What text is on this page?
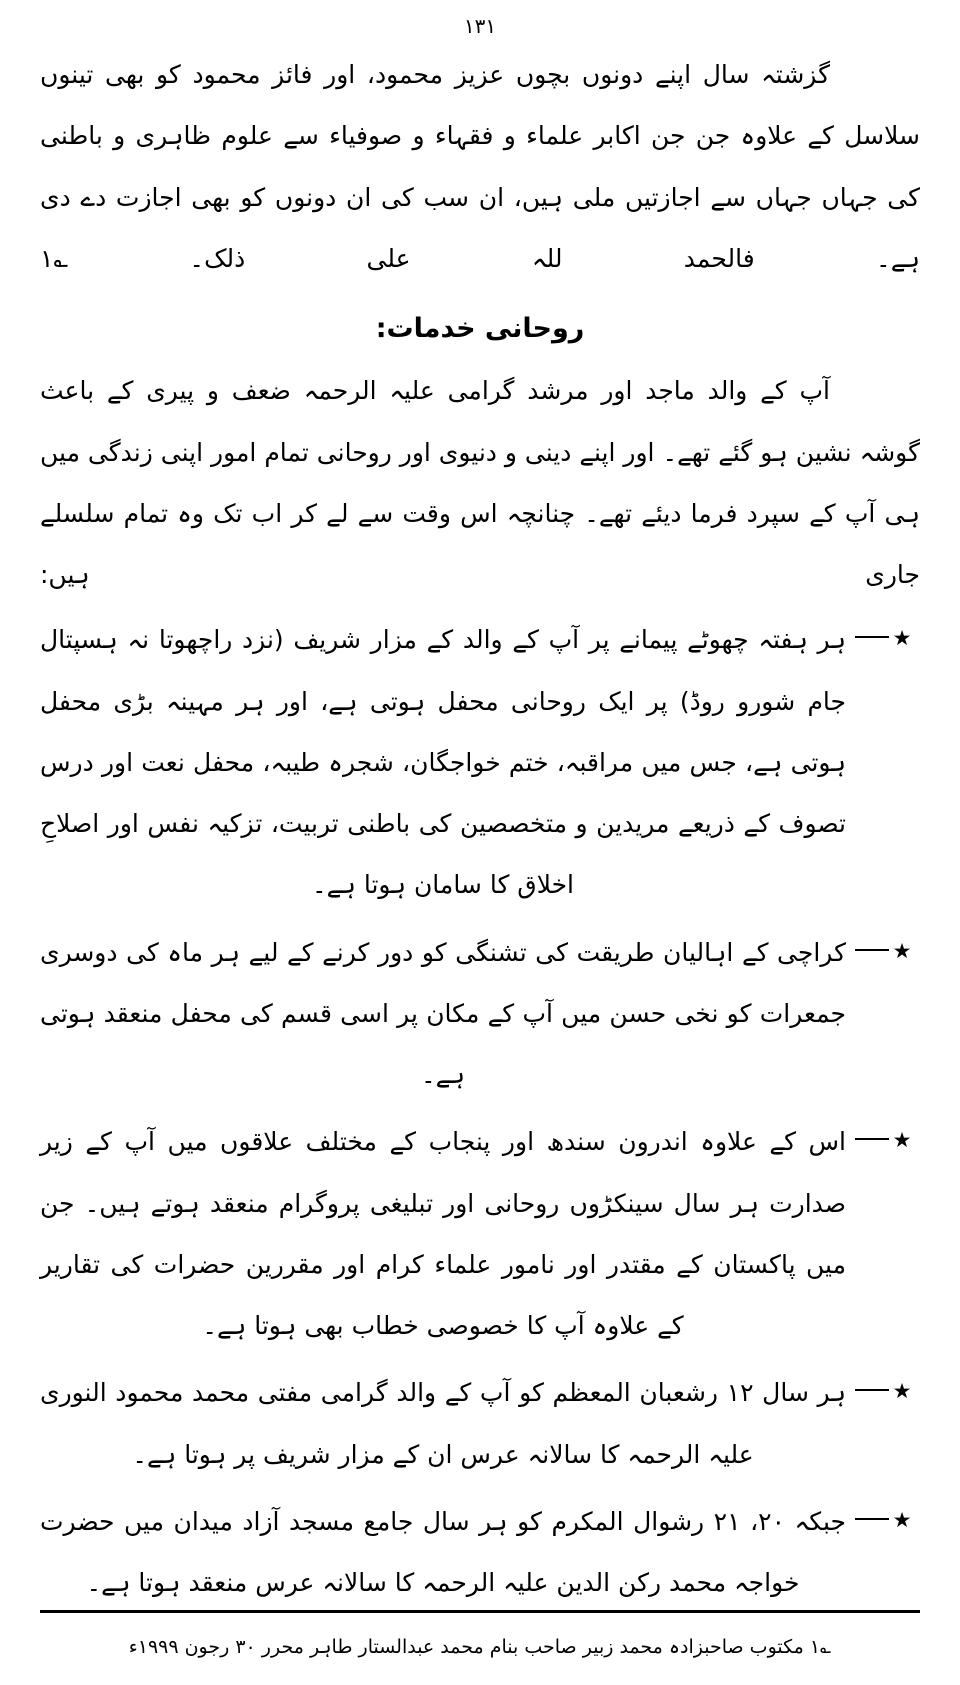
۱۳۱

گزشتہ سال اپنے دونوں بچوں عزیز محمود، اور فائز محمود کو بھی تینوں سلاسل کے علاوہ جن جن اکابر علماء و فقہاء و صوفیاء سے علوم ظاہری و باطنی کی جہاں جہاں سے اجازتیں ملی ہیں، ان سب کی ان دونوں کو بھی اجازت دے دی ہے۔ فالحمد للہ علی ذلک۔ ؎۱

روحانی خدمات:

آپ کے والد ماجد اور مرشد گرامی علیہ الرحمہ ضعف و پیری کے باعث گوشہ نشین ہو گئے تھے۔ اور اپنے دینی و دنیوی اور روحانی تمام امور اپنی زندگی میں ہی آپ کے سپرد فرما دیئے تھے۔ چنانچہ اس وقت سے لے کر اب تک وہ تمام سلسلے جاری ہیں:

★
ہر ہفتہ چھوٹے پیمانے پر آپ کے والد کے مزار شریف (نزد راچھوتا نہ ہسپتال جام شورو روڈ) پر ایک روحانی محفل ہوتی ہے، اور ہر مہینہ بڑی محفل ہوتی ہے، جس میں مراقبہ، ختم خواجگان، شجرہ طیبہ، محفل نعت اور درس تصوف کے ذریعے مریدین و متخصصین کی باطنی تربیت، تزکیہ نفس اور اصلاحِ اخلاق کا سامان ہوتا ہے۔
★
کراچی کے اہالیان طریقت کی تشنگی کو دور کرنے کے لیے ہر ماہ کی دوسری جمعرات کو نخی حسن میں آپ کے مکان پر اسی قسم کی محفل منعقد ہوتی ہے۔
★
اس کے علاوہ اندرون سندھ اور پنجاب کے مختلف علاقوں میں آپ کے زیر صدارت ہر سال سینکڑوں روحانی اور تبلیغی پروگرام منعقد ہوتے ہیں۔ جن میں پاکستان کے مقتدر اور نامور علماء کرام اور مقررین حضرات کی تقاریر کے علاوہ آپ کا خصوصی خطاب بھی ہوتا ہے۔
★
ہر سال ۱۲ رشعبان المعظم کو آپ کے والد گرامی مفتی محمد محمود النوری علیہ الرحمہ کا سالانہ عرس ان کے مزار شریف پر ہوتا ہے۔
★
جبکہ ۲۰، ۲۱ رشوال المکرم کو ہر سال جامع مسجد آزاد میدان میں حضرت خواجہ محمد رکن الدین علیہ الرحمہ کا سالانہ عرس منعقد ہوتا ہے۔
؎۱ مکتوب صاحبزادہ محمد زبیر صاحب بنام محمد عبدالستار طاہر محرر ۳۰ رجون ۱۹۹۹ء
